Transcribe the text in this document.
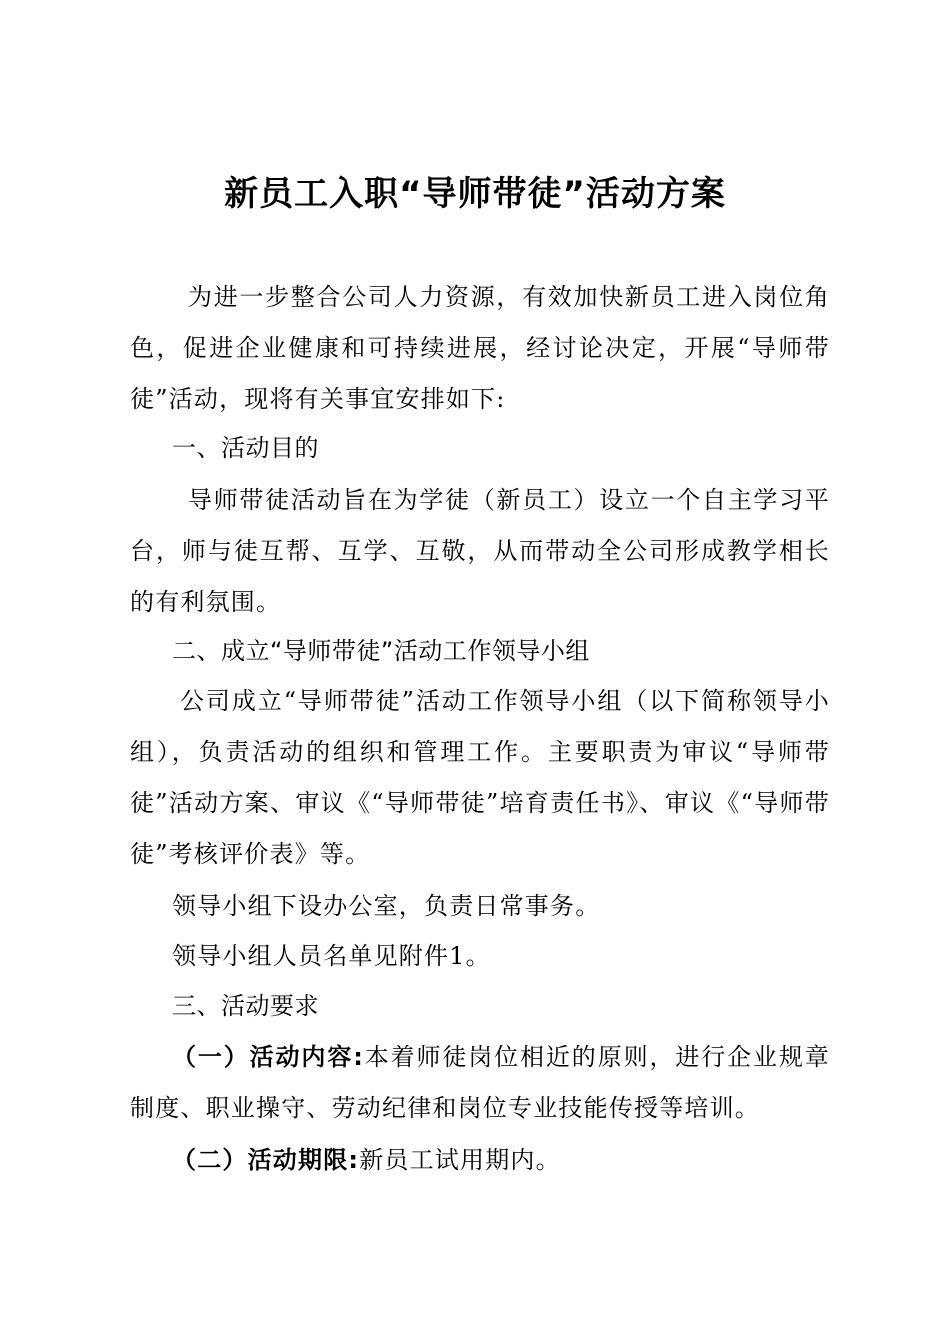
新员工入职“导师带徒”活动方案
为进一步整合公司人力资源，有效加快新员工进入岗位角色，促进企业健康和可持续进展，经讨论决定，开展“导师带徒”活动，现将有关事宜安排如下:
一、活动目的
导师带徒活动旨在为学徒（新员工）设立一个自主学习平台，师与徒互帮、互学、互敬，从而带动全公司形成教学相长的有利氛围。
二、成立“导师带徒”活动工作领导小组
公司成立“导师带徒”活动工作领导小组（以下简称领导小组），负责活动的组织和管理工作。主要职责为审议“导师带徒”活动方案、审议《“导师带徒”培育责任书》、审议《“导师带徒”考核评价表》等。
领导小组下设办公室，负责日常事务。
领导小组人员名单见附件1。
三、活动要求
（一）活动内容:本着师徒岗位相近的原则，进行企业规章制度、职业操守、劳动纪律和岗位专业技能传授等培训。
（二）活动期限:新员工试用期内。
